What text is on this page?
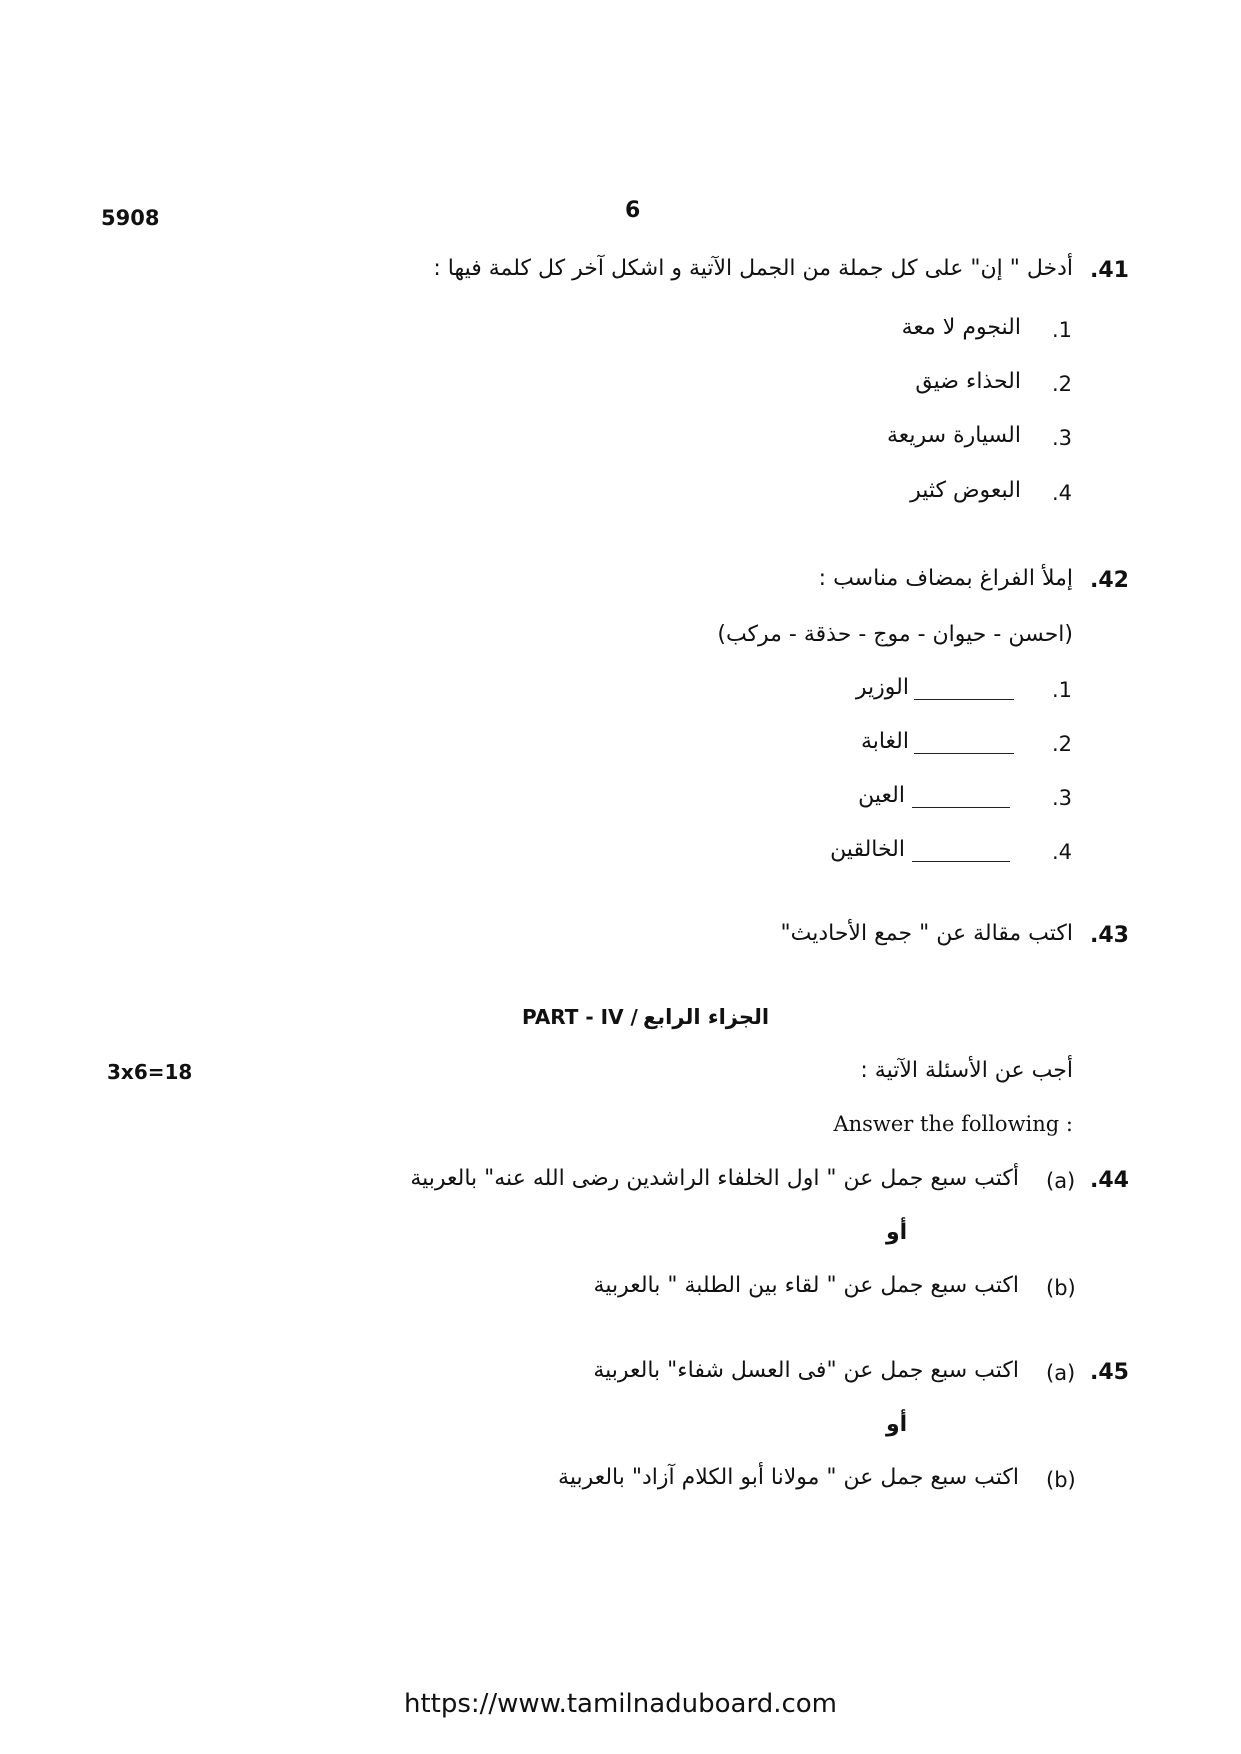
5908	6
.41
أدخل " إن" على كل جملة من الجمل الآتية و اشكل آخر كل كلمة فيها :
.1
النجوم لا معة
.2
الحذاء ضيق
.3
السيارة سريعة
.4
البعوض كثير
.42
إملأ الفراغ بمضاف مناسب :
(احسن - حيوان - موج - حذقة - مركب)
.1
الوزير
.2
الغابة
.3
العين
.4
الخالقين
.43
اكتب مقالة عن " جمع الأحاديث"
PART - IV / الجزاء الرابع
3x6=18	أجب عن الأسئلة الآتية :
Answer the following :
.44
(a)
أكتب سبع جمل عن " اول الخلفاء الراشدين رضى الله عنه" بالعربية
أو
(b)
اكتب سبع جمل عن " لقاء بين الطلبة " بالعربية
.45
(a)
اكتب سبع جمل عن "فى العسل شفاء" بالعربية
أو
(b)
اكتب سبع جمل عن " مولانا أبو الكلام آزاد" بالعربية
https://www.tamilnaduboard.com
